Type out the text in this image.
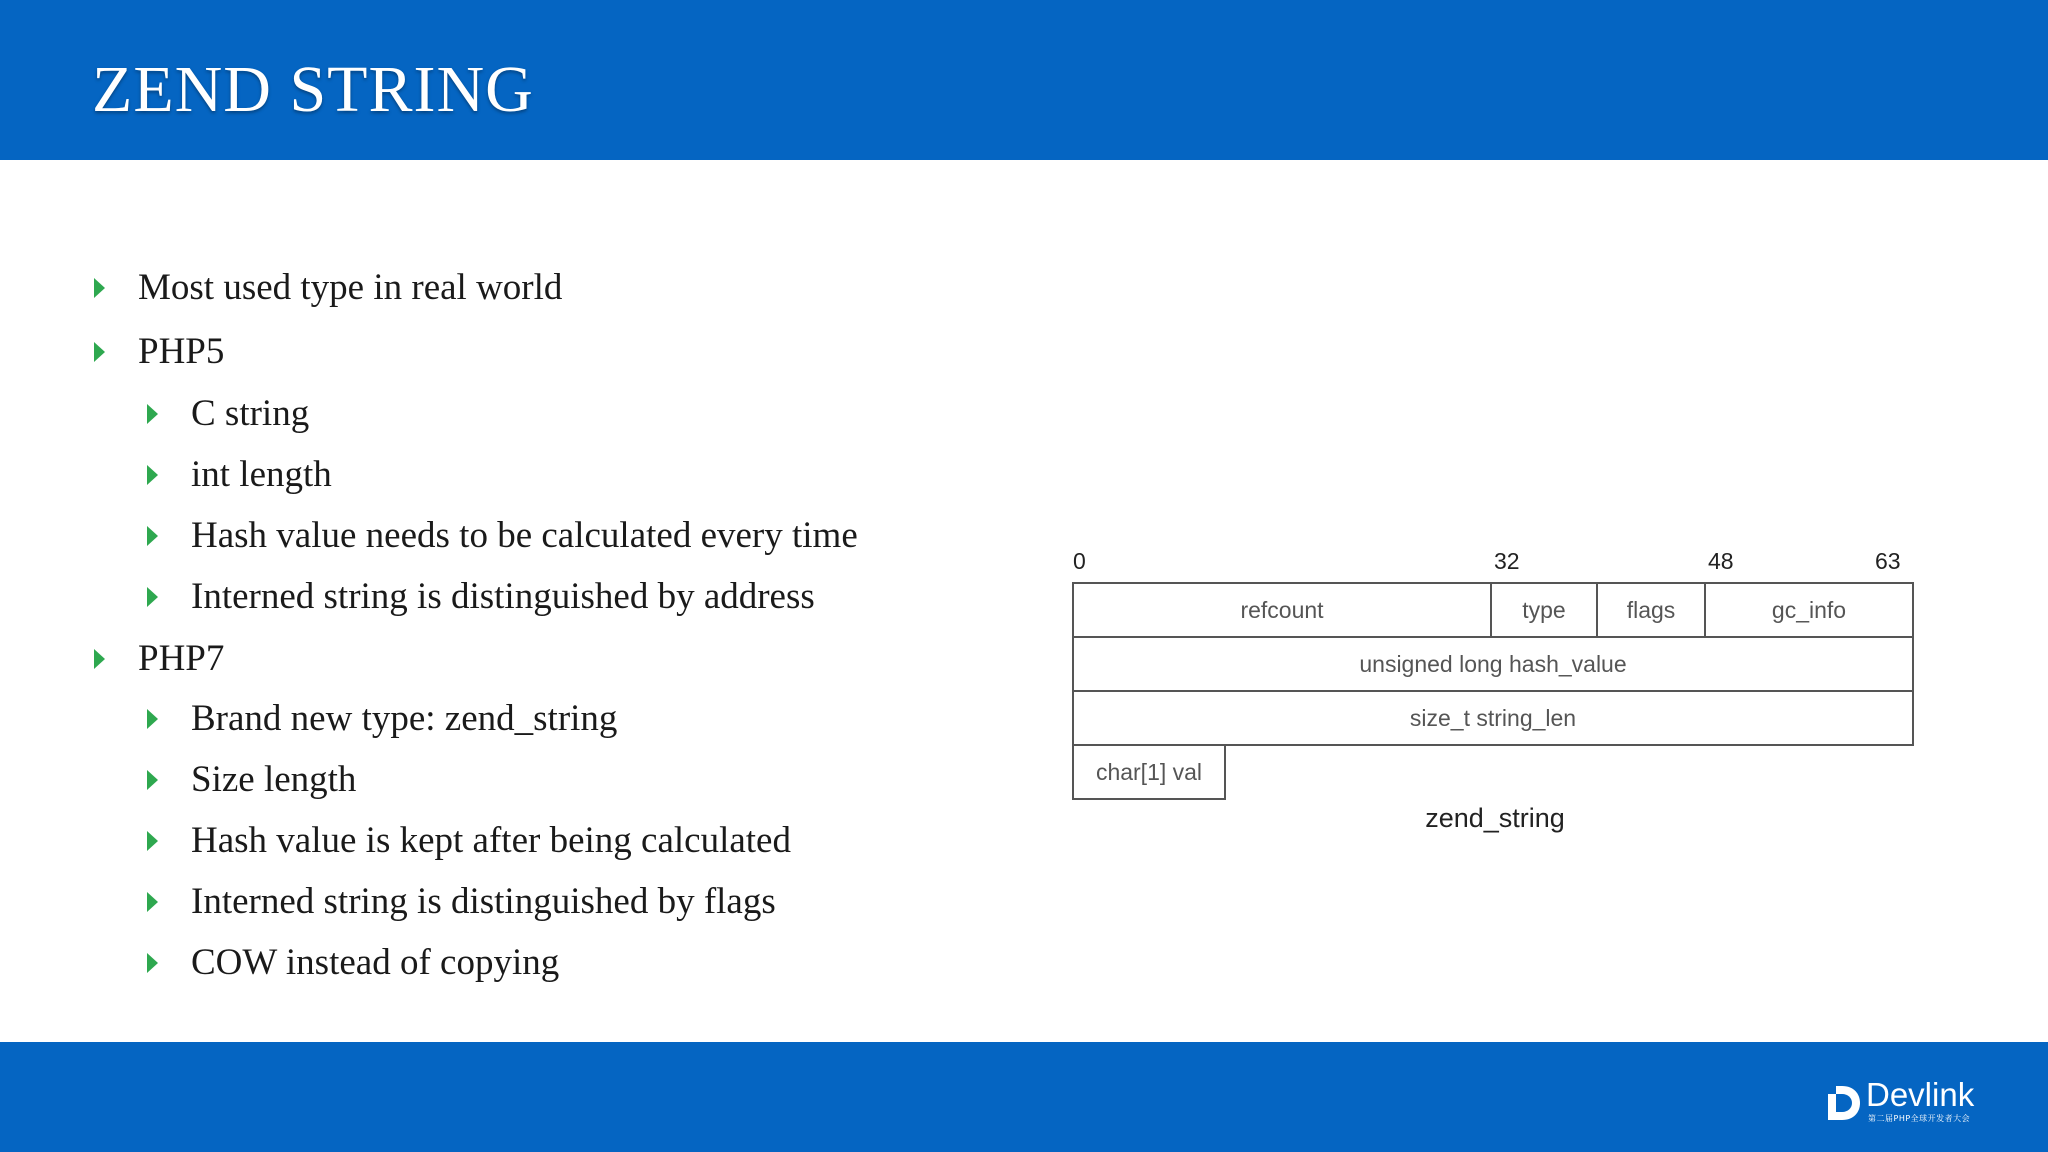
ZEND STRING
Most used type in real world
PHP5
C string
int length
Hash value needs to be calculated every time
Interned string is distinguished by address
PHP7
Brand new type: zend_string
Size length
Hash value is kept after being calculated
Interned string is distinguished by flags
COW instead of copying
0	32	48	63
refcount	type	flags	gc_info
unsigned long hash_value
size_t string_len
char[1] val
zend_string
Devlink
第二届PHP全球开发者大会
